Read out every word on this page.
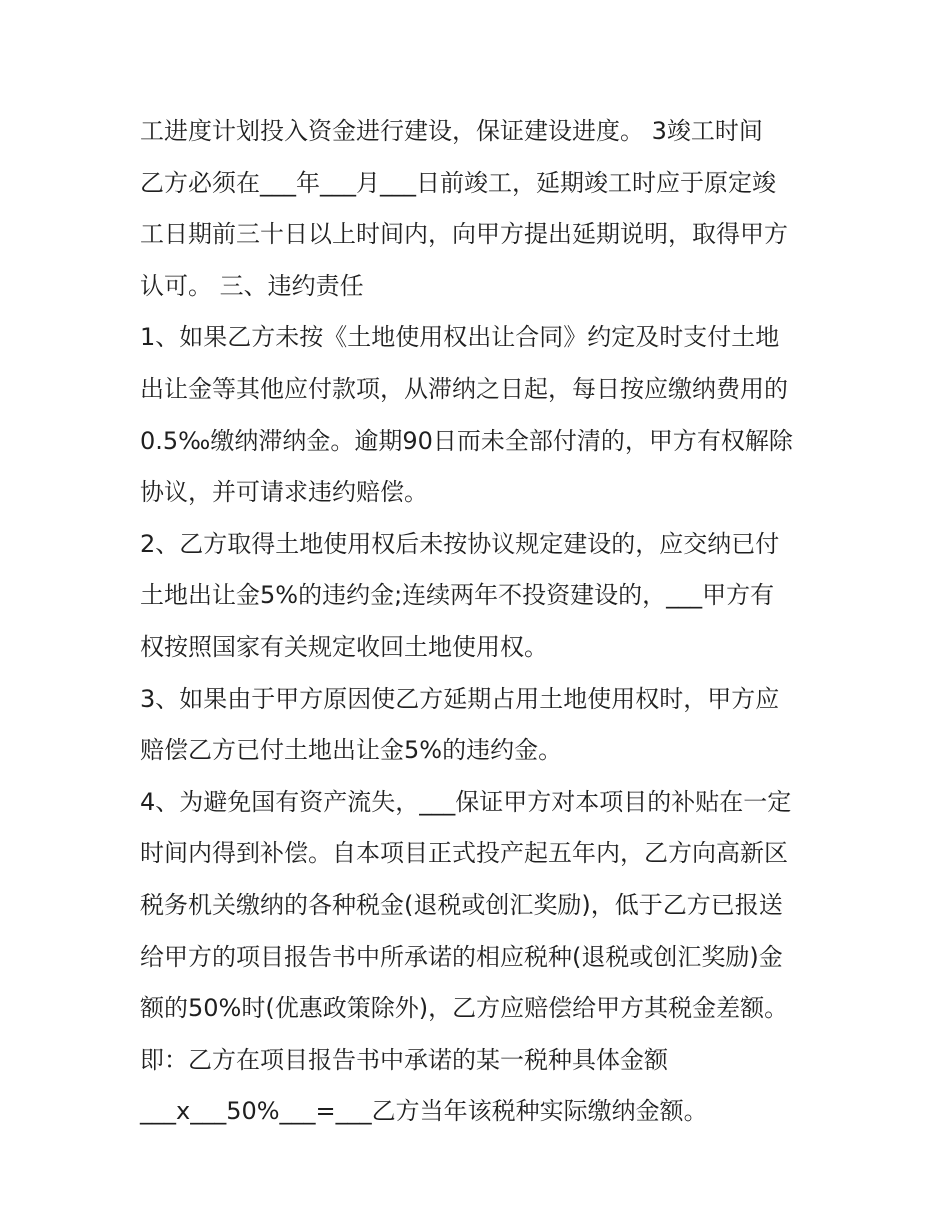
工进度计划投入资金进行建设，保证建设进度。 3竣工时间

乙方必须在___年___月___日前竣工，延期竣工时应于原定竣

工日期前三十日以上时间内，向甲方提出延期说明，取得甲方

认可。 三、违约责任

1、如果乙方未按《土地使用权出让合同》约定及时支付土地

出让金等其他应付款项，从滞纳之日起，每日按应缴纳费用的

0.5‰缴纳滞纳金。逾期90日而未全部付清的，甲方有权解除

协议，并可请求违约赔偿。

2、乙方取得土地使用权后未按协议规定建设的，应交纳已付

土地出让金5%的违约金;连续两年不投资建设的，___甲方有

权按照国家有关规定收回土地使用权。

3、如果由于甲方原因使乙方延期占用土地使用权时，甲方应

赔偿乙方已付土地出让金5%的违约金。

4、为避免国有资产流失，___保证甲方对本项目的补贴在一定

时间内得到补偿。自本项目正式投产起五年内，乙方向高新区

税务机关缴纳的各种税金(退税或创汇奖励)，低于乙方已报送

给甲方的项目报告书中所承诺的相应税种(退税或创汇奖励)金

额的50%时(优惠政策除外)，乙方应赔偿给甲方其税金差额。

即：乙方在项目报告书中承诺的某一税种具体金额

___x___50%___=___乙方当年该税种实际缴纳金额。
